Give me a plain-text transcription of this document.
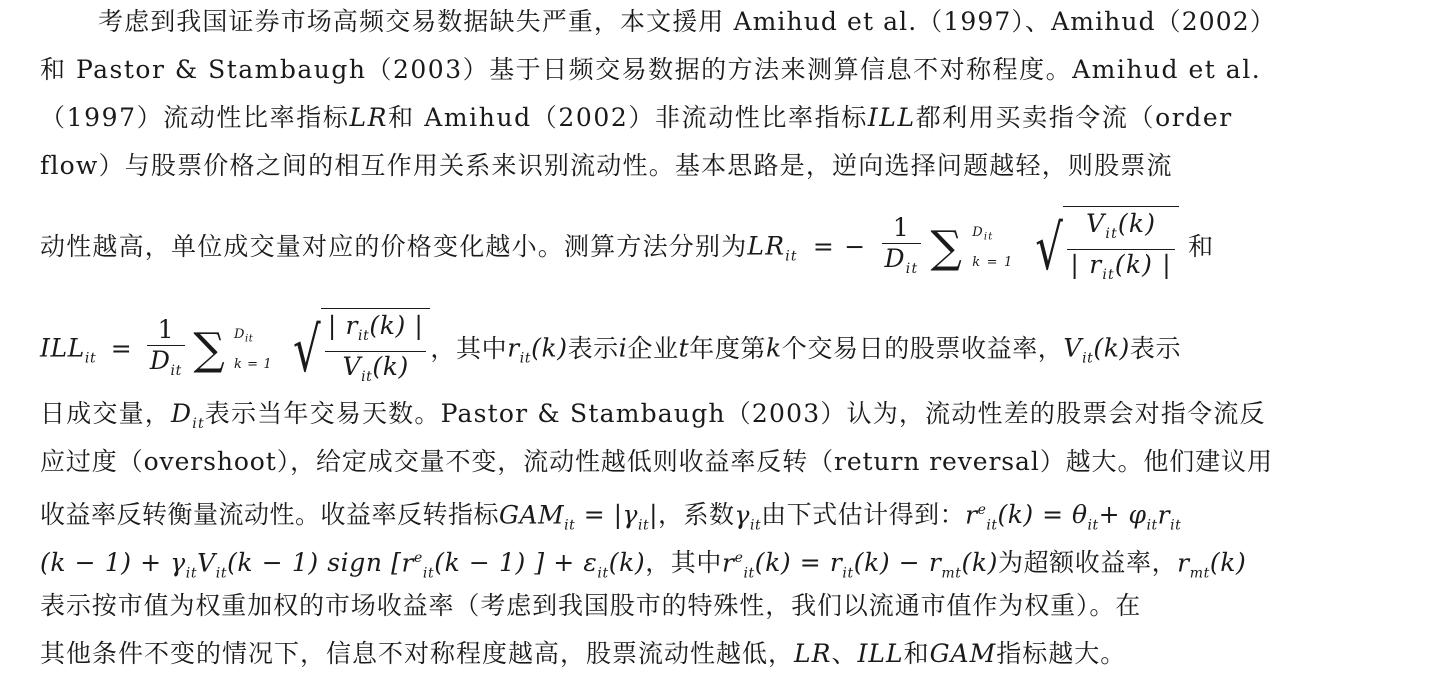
考虑到我国证券市场高频交易数据缺失严重，本文援用 Amihud et al.（1997）、Amihud（2002）
和 Pastor & Stambaugh（2003）基于日频交易数据的方法来测算信息不对称程度。Amihud et al.
（1997）流动性比率指标LR和 Amihud（2002）非流动性比率指标ILL都利用买卖指令流（order
flow）与股票价格之间的相互作用关系来识别流动性。基本思路是，逆向选择问题越轻，则股票流
动性越高，单位成交量对应的价格变化越小。测算方法分别为$LR_{it}$ = − $\frac{1}{D_{it}}$ ∑ $D_{it}$
k = 1 √ $\frac{V_{it}(k)}{| r_{it}(k) |}$ 和
$ILL_{it} = \frac{1}{D_{it}}$ ∑ $D_{it}$
k = 1 √ $\frac{| r_{it}(k) |}{V_{it}(k)}$ ，其中$r_{it}(k)$表示i企业t年度第k个交易日的股票收益率，$V_{it}(k)$表示
日成交量，$D_{it}$表示当年交易天数。Pastor & Stambaugh（2003）认为，流动性差的股票会对指令流反
应过度（overshoot），给定成交量不变，流动性越低则收益率反转（return reversal）越大。他们建议用
收益率反转衡量流动性。收益率反转指标$GAM_{it} = |\gamma_{it}|$，系数$\gamma_{it}$由下式估计得到：$r^e_{it}(k) = \theta_{it}+ \varphi_{it}r_{it}$
$(k - 1) + \gamma_{it}V_{it}(k - 1)$ sign [$r^e_{it}(k - 1)$ ] + $\varepsilon_{it}(k)$，其中$r^e_{it}(k) = r_{it}(k) - r_{mt}(k)$为超额收益率，$r_{mt}(k)$
表示按市值为权重加权的市场收益率（考虑到我国股市的特殊性，我们以流通市值作为权重）。在
其他条件不变的情况下，信息不对称程度越高，股票流动性越低，LR、ILL和GAM指标越大。
